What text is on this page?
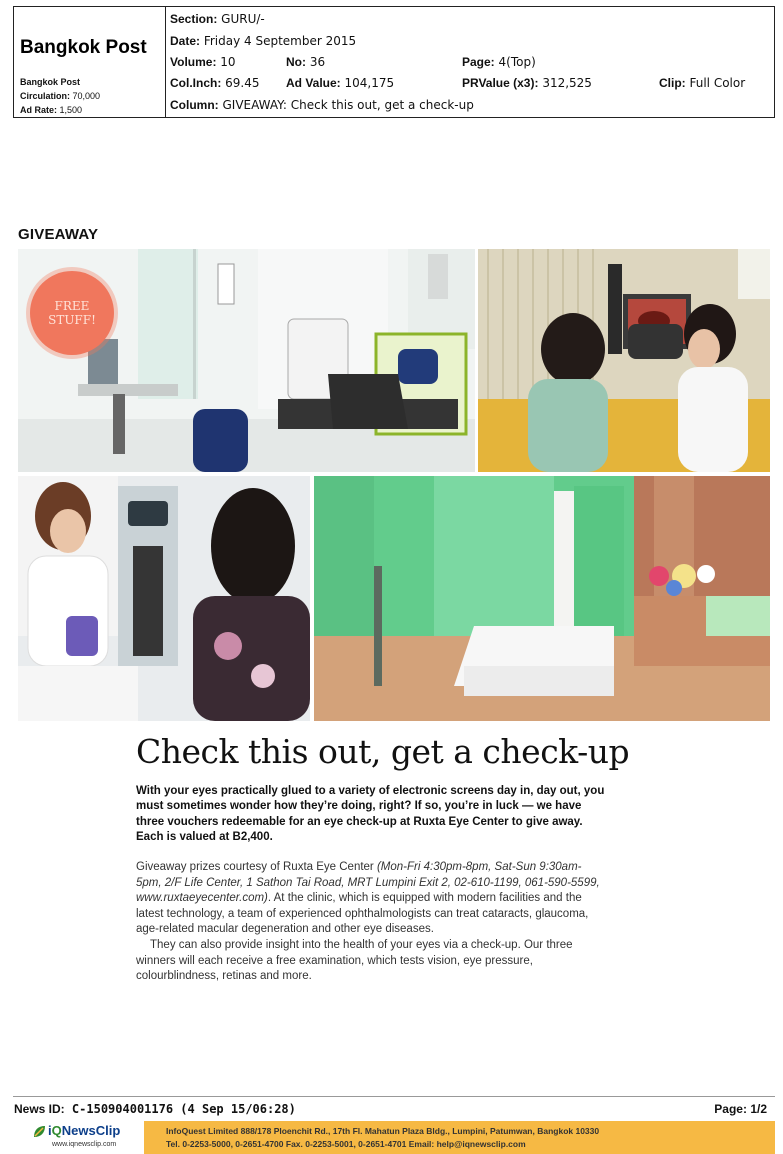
Bangkok Post
Bangkok Post
Circulation: 70,000
Ad Rate: 1,500
Section: GURU/-
Date: Friday 4 September 2015
Volume: 10	No: 36	Page: 4(Top)
Col.Inch: 69.45 Ad Value: 104,175	PRValue (x3): 312,525	Clip: Full Color
Column: GIVEAWAY: Check this out, get a check-up
GIVEAWAY
FREE STUFF!
Check this out, get a check-up
With your eyes practically glued to a variety of electronic screens day in, day out, you must sometimes wonder how they’re doing, right? If so, you’re in luck — we have three vouchers redeemable for an eye check-up at Ruxta Eye Center to give away. Each is valued at B2,400.

Giveaway prizes courtesy of Ruxta Eye Center (Mon-Fri 4:30pm-8pm, Sat-Sun 9:30am-5pm, 2/F Life Center, 1 Sathon Tai Road, MRT Lumpini Exit 2, 02-610-1199, 061-590-5599, www.ruxtaeyecenter.com). At the clinic, which is equipped with modern facilities and the latest technology, a team of experienced ophthalmologists can treat cataracts, glaucoma, age-related macular degeneration and other eye diseases.

They can also provide insight into the health of your eyes via a check-up. Our three winners will each receive a free examination, which tests vision, eye pressure, colourblindness, retinas and more.

News ID: C-150904001176 (4 Sep 15/06:28)	Page: 1/2
iQNewsClip
www.iqnewsclip.com
InfoQuest Limited 888/178 Ploenchit Rd., 17th Fl. Mahatun Plaza Bldg., Lumpini, Patumwan, Bangkok 10330
Tel. 0-2253-5000, 0-2651-4700 Fax. 0-2253-5001, 0-2651-4701 Email: help@iqnewsclip.com
